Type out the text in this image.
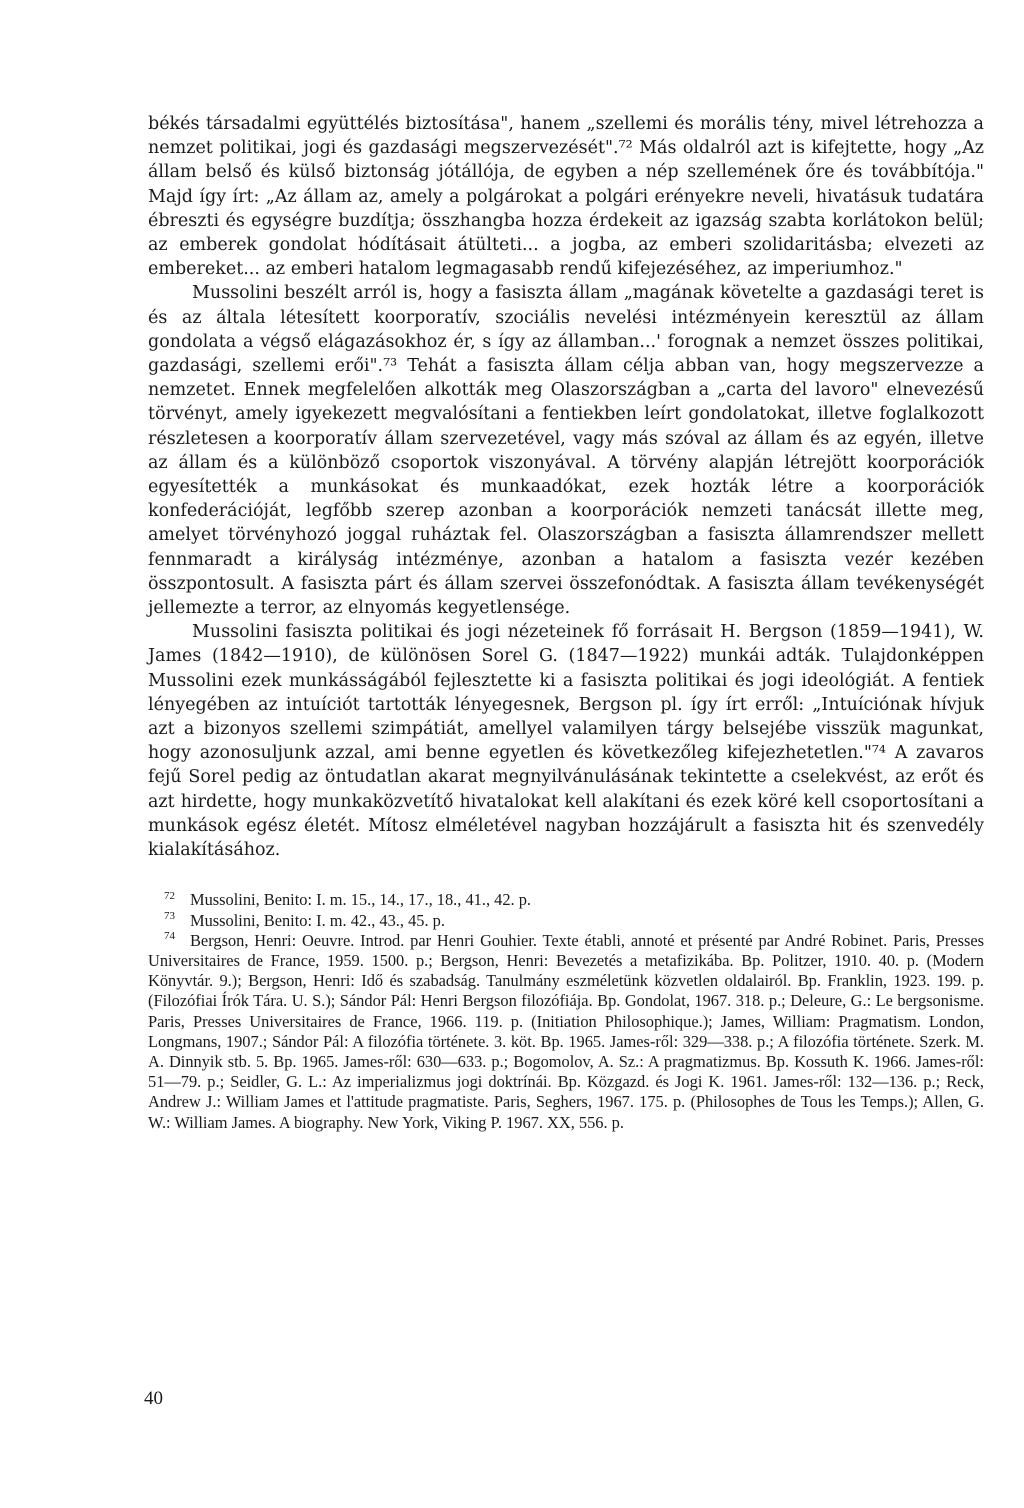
békés társadalmi együttélés biztosítása", hanem „szellemi és morális tény, mivel létrehozza a nemzet politikai, jogi és gazdasági megszervezését".⁷² Más oldalról azt is kifejtette, hogy „Az állam belső és külső biztonság jótállója, de egyben a nép szellemének őre és továbbítója." Majd így írt: „Az állam az, amely a polgárokat a polgári erényekre neveli, hivatásuk tudatára ébreszti és egységre buzdítja; összhangba hozza érdekeit az igazság szabta korlátokon belül; az emberek gondolat hódításait átülteti... a jogba, az emberi szolidaritásba; elvezeti az embereket... az emberi hatalom legmagasabb rendű kifejezéséhez, az imperiumhoz."

Mussolini beszélt arról is, hogy a fasiszta állam „magának követelte a gazdasági teret is és az általa létesített koorporatív, szociális nevelési intézményein keresztül az állam gondolata a végső elágazásokhoz ér, s így az államban...' forognak a nemzet összes politikai, gazdasági, szellemi erői".⁷³ Tehát a fasiszta állam célja abban van, hogy megszervezze a nemzetet. Ennek megfelelően alkották meg Olaszországban a „carta del lavoro" elnevezésű törvényt, amely igyekezett megvalósítani a fentiekben leírt gondolatokat, illetve foglalkozott részletesen a koorporatív állam szervezetével, vagy más szóval az állam és az egyén, illetve az állam és a különböző csoportok viszonyával. A törvény alapján létrejött koorporációk egyesítették a munkásokat és munkaadókat, ezek hozták létre a koorporációk konfederációját, legfőbb szerep azonban a koorporációk nemzeti tanácsát illette meg, amelyet törvényhozó joggal ruháztak fel. Olaszországban a fasiszta államrendszer mellett fennmaradt a királyság intézménye, azonban a hatalom a fasiszta vezér kezében összpontosult. A fasiszta párt és állam szervei összefonódtak. A fasiszta állam tevékenységét jellemezte a terror, az elnyomás kegyetlensége.

Mussolini fasiszta politikai és jogi nézeteinek fő forrásait H. Bergson (1859—1941), W. James (1842—1910), de különösen Sorel G. (1847—1922) munkái adták. Tulajdonképpen Mussolini ezek munkásságából fejlesztette ki a fasiszta politikai és jogi ideológiát. A fentiek lényegében az intuíciót tartották lényegesnek, Bergson pl. így írt erről: „Intuíciónak hívjuk azt a bizonyos szellemi szimpátiát, amellyel valamilyen tárgy belsejébe visszük magunkat, hogy azonosuljunk azzal, ami benne egyetlen és következőleg kifejezhetetlen."⁷⁴ A zavaros fejű Sorel pedig az öntudatlan akarat megnyilvánulásának tekintette a cselekvést, az erőt és azt hirdette, hogy munkaközvetítő hivatalokat kell alakítani és ezek köré kell csoportosítani a munkások egész életét. Mítosz elméletével nagyban hozzájárult a fasiszta hit és szenvedély kialakításához.

72 Mussolini, Benito: I. m. 15., 14., 17., 18., 41., 42. p.

73 Mussolini, Benito: I. m. 42., 43., 45. p.

74 Bergson, Henri: Oeuvre. Introd. par Henri Gouhier. Texte établi, annoté et présenté par André Robinet. Paris, Presses Universitaires de France, 1959. 1500. p.; Bergson, Henri: Bevezetés a metafizikába. Bp. Politzer, 1910. 40. p. (Modern Könyvtár. 9.); Bergson, Henri: Idő és szabadság. Tanulmány eszméletünk közvetlen oldalairól. Bp. Franklin, 1923. 199. p. (Filozófiai Írók Tára. U. S.); Sándor Pál: Henri Bergson filozófiája. Bp. Gondolat, 1967. 318. p.; Deleure, G.: Le bergsonisme. Paris, Presses Universitaires de France, 1966. 119. p. (Initiation Philosophique.); James, William: Pragmatism. London, Longmans, 1907.; Sándor Pál: A filozófia története. 3. köt. Bp. 1965. James-ről: 329—338. p.; A filozófia története. Szerk. M. A. Dinnyik stb. 5. Bp. 1965. James-ről: 630—633. p.; Bogomolov, A. Sz.: A pragmatizmus. Bp. Kossuth K. 1966. James-ről: 51—79. p.; Seidler, G. L.: Az imperializmus jogi doktrínái. Bp. Közgazd. és Jogi K. 1961. James-ről: 132—136. p.; Reck, Andrew J.: William James et l'attitude pragmatiste. Paris, Seghers, 1967. 175. p. (Philosophes de Tous les Temps.); Allen, G. W.: William James. A biography. New York, Viking P. 1967. XX, 556. p.

40
